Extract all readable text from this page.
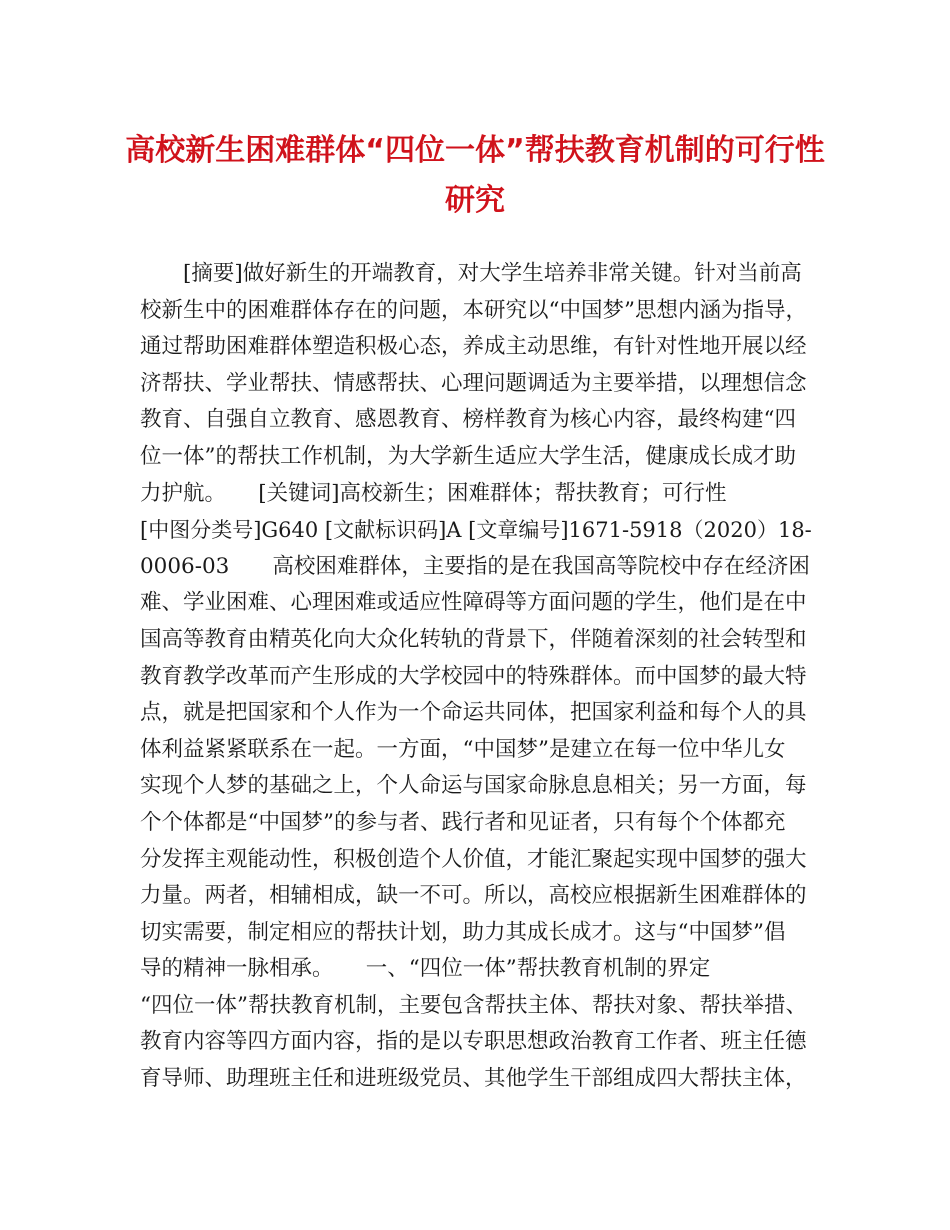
高校新生困难群体“四位一体”帮扶教育机制的可行性
研究
　　[摘要]做好新生的开端教育，对大学生培养非常关键。针对当前高
校新生中的困难群体存在的问题，本研究以“中国梦”思想内涵为指导，
通过帮助困难群体塑造积极心态，养成主动思维，有针对性地开展以经
济帮扶、学业帮扶、情感帮扶、心理问题调适为主要举措，以理想信念
教育、自强自立教育、感恩教育、榜样教育为核心内容，最终构建“四
位一体”的帮扶工作机制，为大学新生适应大学生活，健康成长成才助
力护航。　　[关键词]高校新生；困难群体；帮扶教育；可行性
[中图分类号]G640 [文献标识码]A [文章编号]1671-5918（2020）18-
0006-03　　高校困难群体，主要指的是在我国高等院校中存在经济困
难、学业困难、心理困难或适应性障碍等方面问题的学生，他们是在中
国高等教育由精英化向大众化转轨的背景下，伴随着深刻的社会转型和
教育教学改革而产生形成的大学校园中的特殊群体。而中国梦的最大特
点，就是把国家和个人作为一个命运共同体，把国家利益和每个人的具
体利益紧紧联系在一起。一方面，“中国梦”是建立在每一位中华儿女
实现个人梦的基础之上，个人命运与国家命脉息息相关；另一方面，每
个个体都是“中国梦”的参与者、践行者和见证者，只有每个个体都充
分发挥主观能动性，积极创造个人价值，才能汇聚起实现中国梦的强大
力量。两者，相辅相成，缺一不可。所以，高校应根据新生困难群体的
切实需要，制定相应的帮扶计划，助力其成长成才。这与“中国梦”倡
导的精神一脉相承。　　一、“四位一体”帮扶教育机制的界定
“四位一体”帮扶教育机制，主要包含帮扶主体、帮扶对象、帮扶举措、
教育内容等四方面内容，指的是以专职思想政治教育工作者、班主任德
育导师、助理班主任和进班级党员、其他学生干部组成四大帮扶主体，
